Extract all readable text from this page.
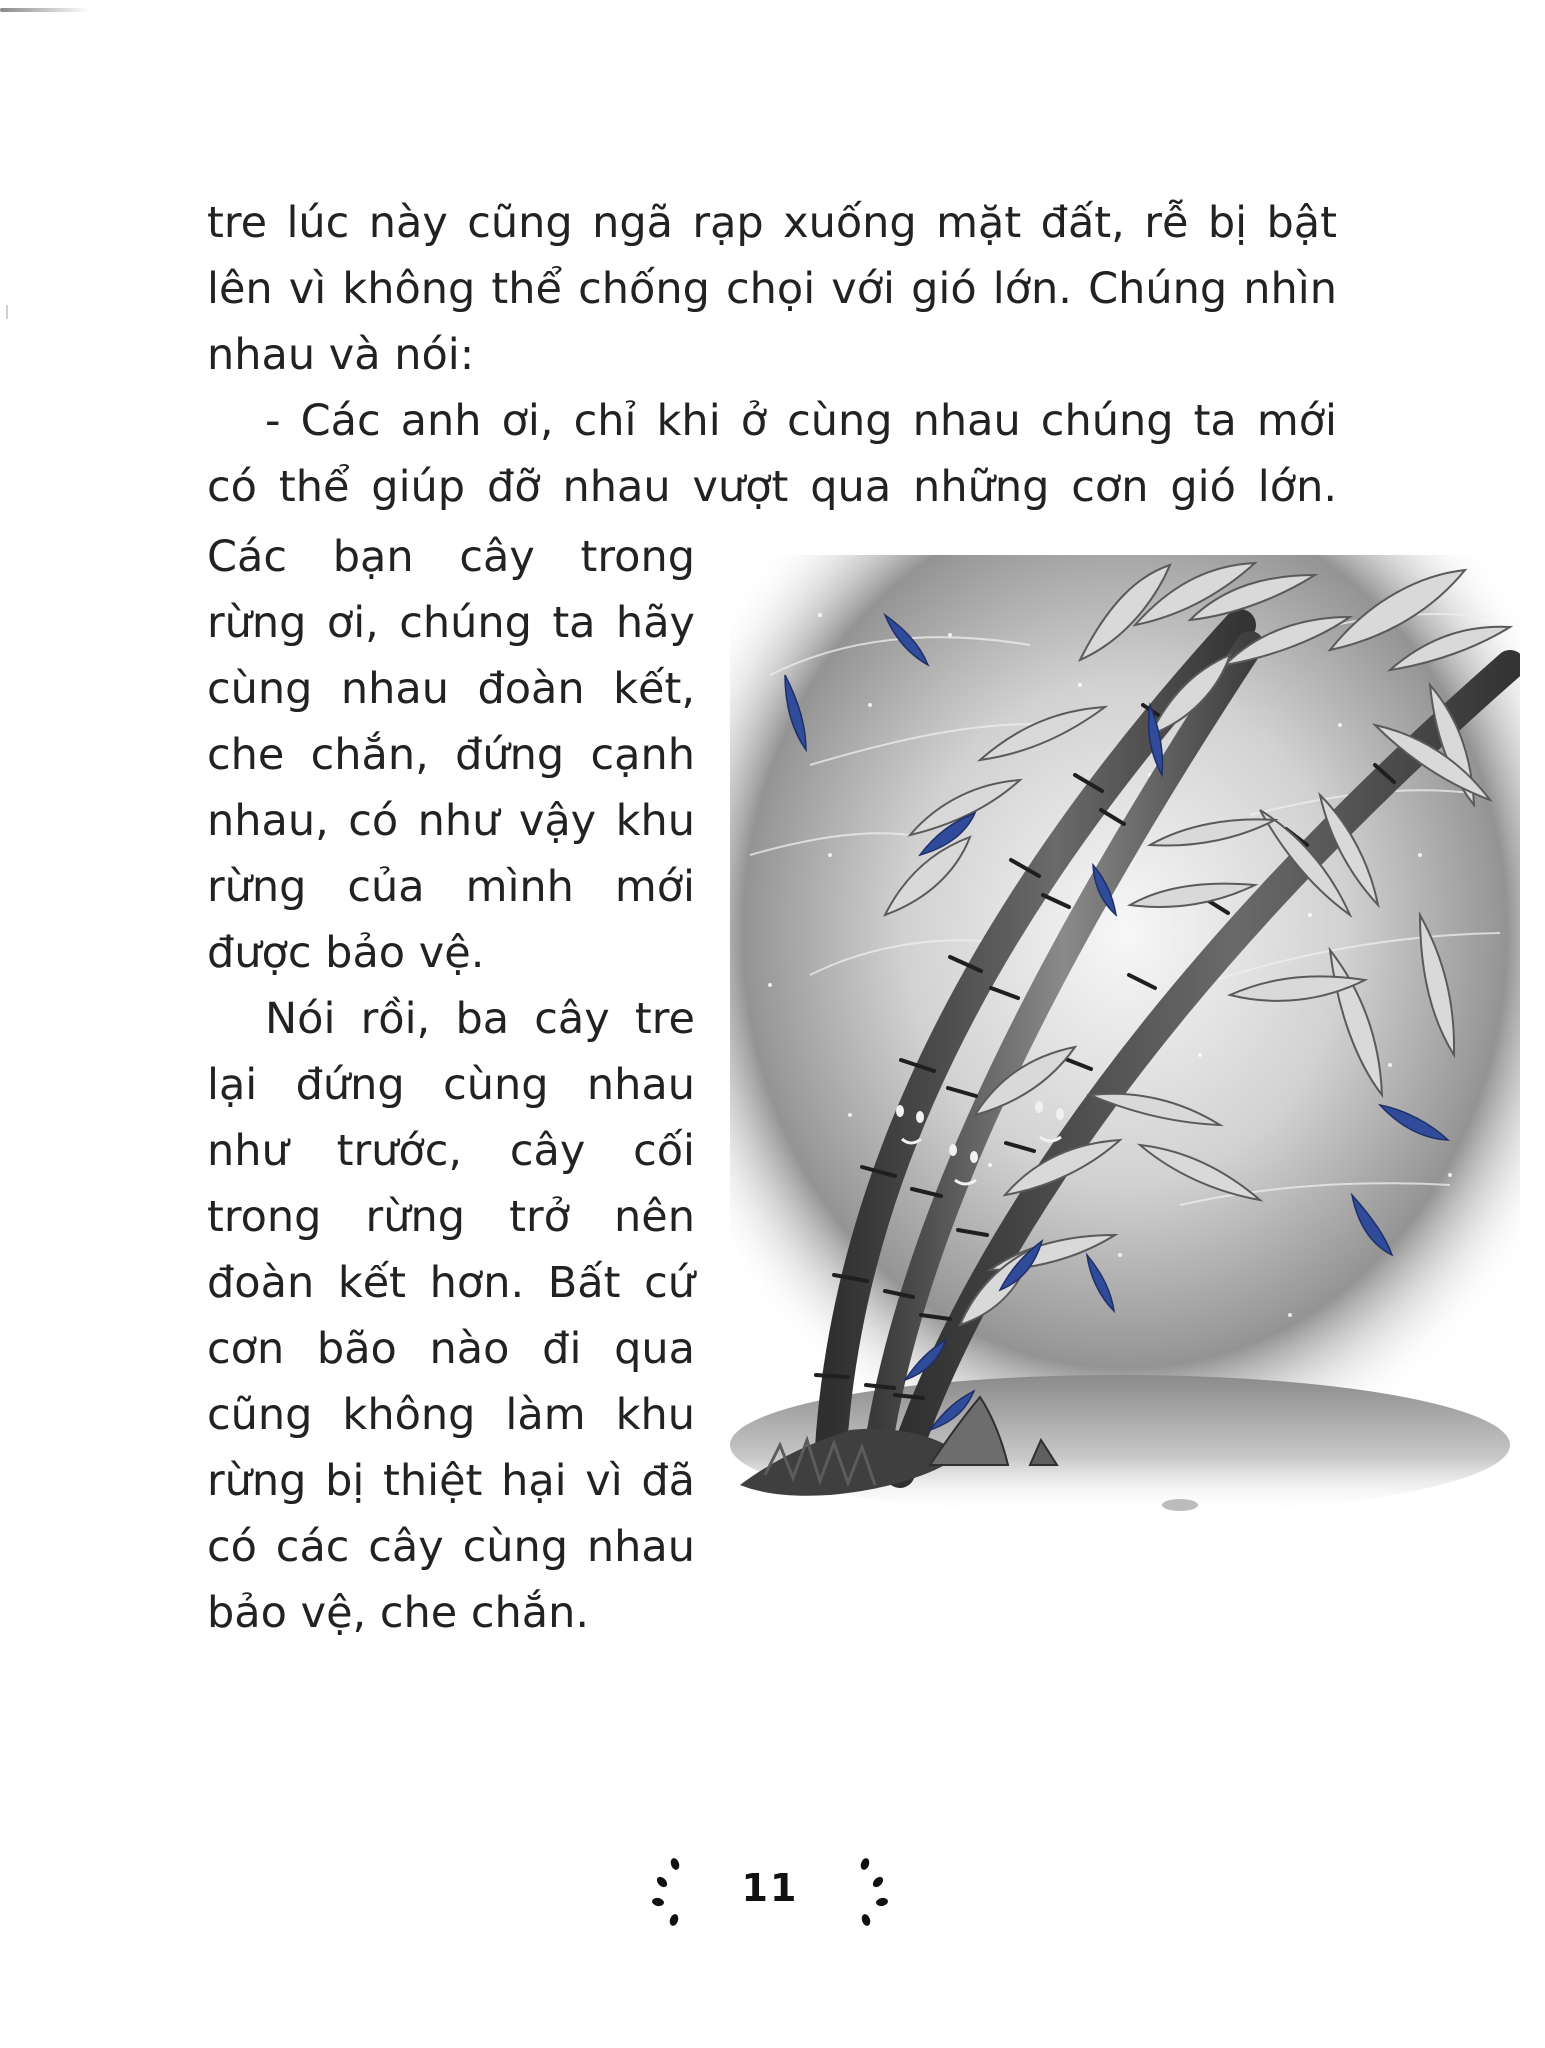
tre lúc này cũng ngã rạp xuống mặt đất, rễ bị bật
lên vì không thể chống chọi với gió lớn. Chúng nhìn
nhau và nói:

- Các anh ơi, chỉ khi ở cùng nhau chúng ta mới

có thể giúp đỡ nhau vượt qua những cơn gió lớn.

Các bạn cây trong
rừng ơi, chúng ta hãy
cùng nhau đoàn kết,
che chắn, đứng cạnh
nhau, có như vậy khu
rừng của mình mới
được bảo vệ.

Nói rồi, ba cây tre

lại đứng cùng nhau
như trước, cây cối
trong rừng trở nên
đoàn kết hơn. Bất cứ
cơn bão nào đi qua
cũng không làm khu
rừng bị thiệt hại vì đã
có các cây cùng nhau
bảo vệ, che chắn.

11
